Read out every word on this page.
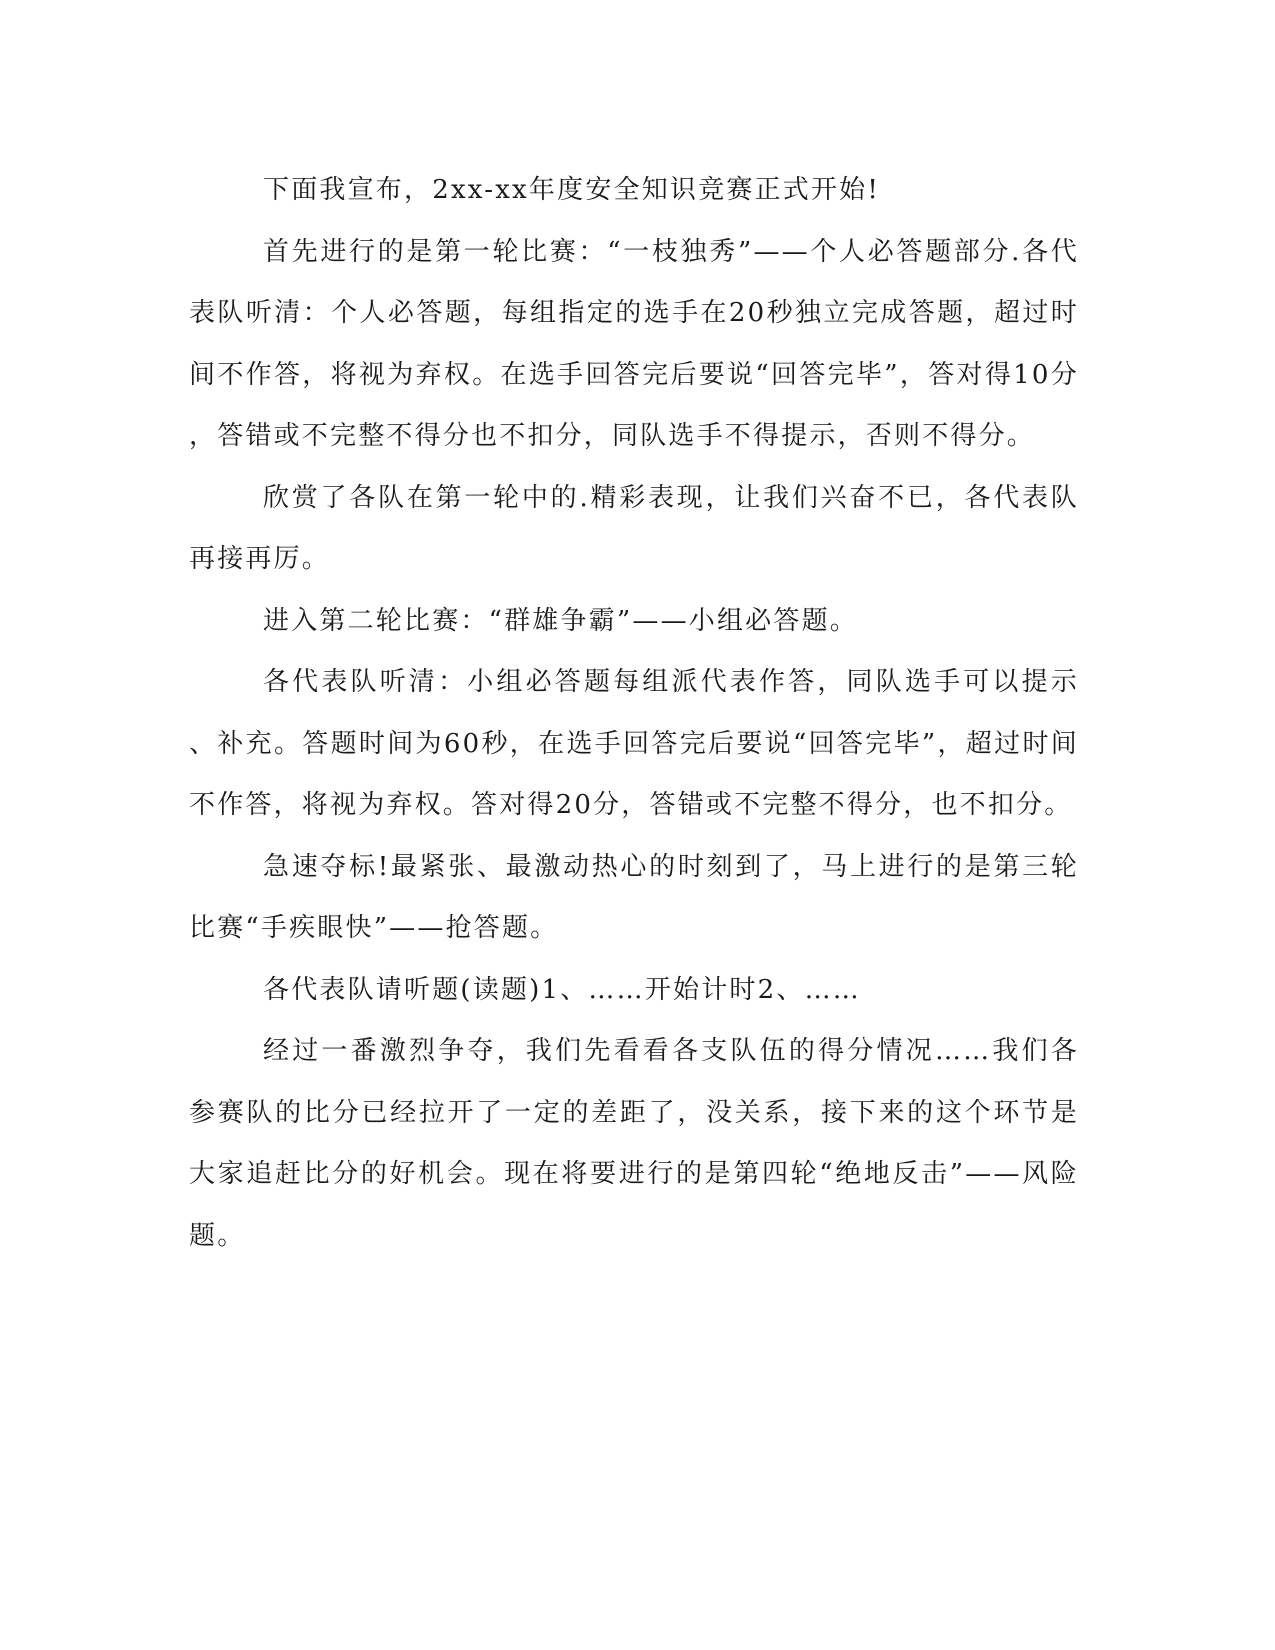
下面我宣布，2xx-xx年度安全知识竞赛正式开始!

首先进行的是第一轮比赛：“一枝独秀”——个人必答题部分.各代表队听清：个人必答题，每组指定的选手在20秒独立完成答题，超过时间不作答，将视为弃权。在选手回答完后要说“回答完毕”，答对得10分，答错或不完整不得分也不扣分，同队选手不得提示，否则不得分。

欣赏了各队在第一轮中的.精彩表现，让我们兴奋不已，各代表队再接再厉。

进入第二轮比赛：“群雄争霸”——小组必答题。

各代表队听清：小组必答题每组派代表作答，同队选手可以提示、补充。答题时间为60秒，在选手回答完后要说“回答完毕”，超过时间不作答，将视为弃权。答对得20分，答错或不完整不得分，也不扣分。

急速夺标!最紧张、最激动热心的时刻到了，马上进行的是第三轮比赛“手疾眼快”——抢答题。

各代表队请听题(读题)1、……开始计时2、……

经过一番激烈争夺，我们先看看各支队伍的得分情况……我们各参赛队的比分已经拉开了一定的差距了，没关系，接下来的这个环节是大家追赶比分的好机会。现在将要进行的是第四轮“绝地反击”——风险题。
